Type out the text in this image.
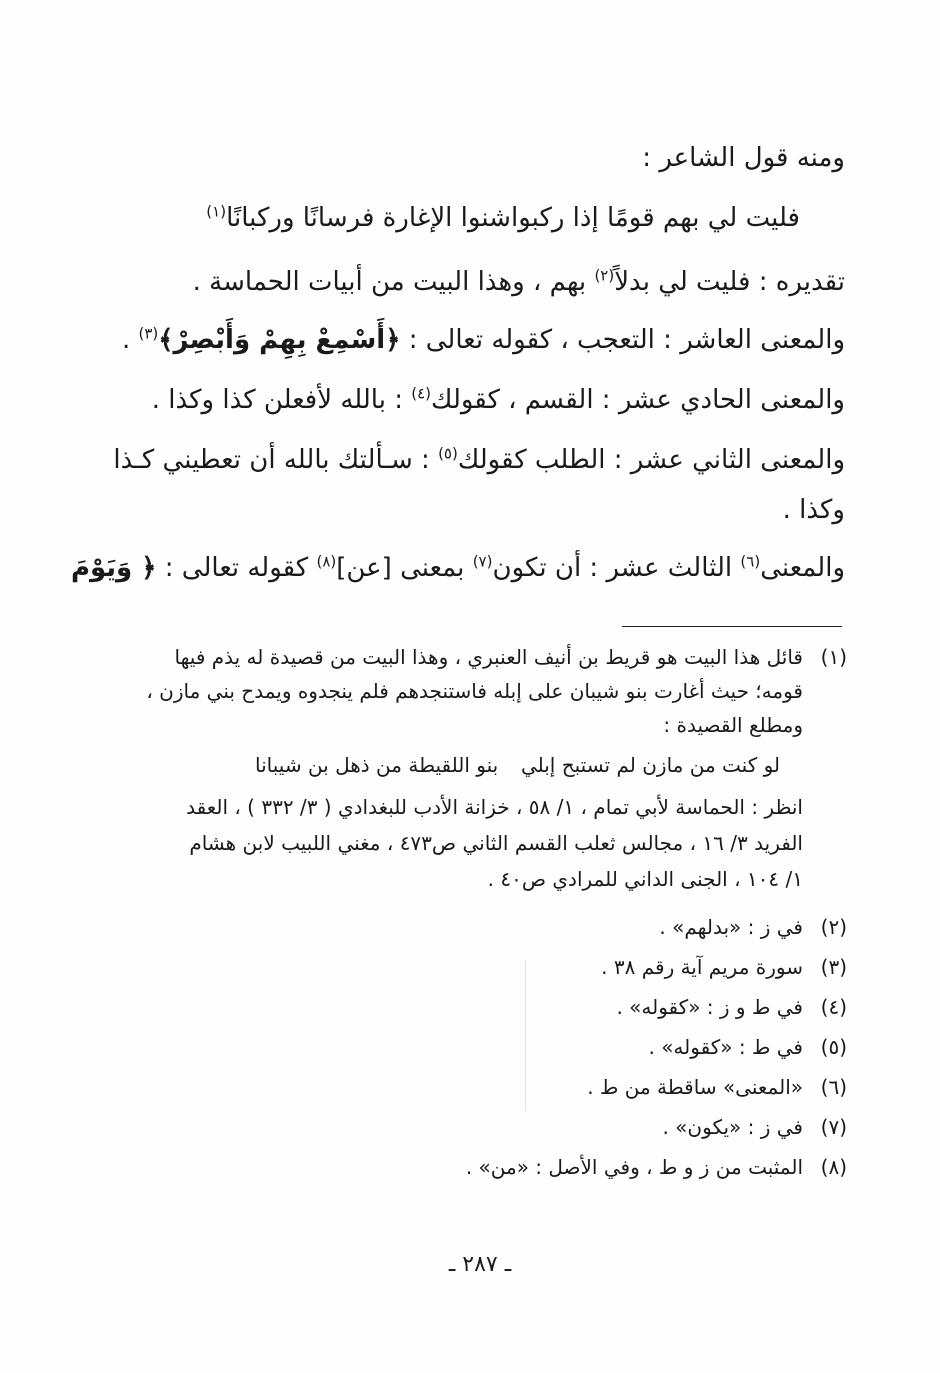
ومنه قول الشاعر :
فليت لي بهم قومًا إذا ركبوا
شنوا الإغارة فرسانًا وركبانًا$^{(١)}$
تقديره : فليت لي بدلاً$^{(٢)}$ بهم ، وهذا البيت من أبيات الحماسة .
والمعنى العاشر : التعجب ، كقوله تعالى : ﴿أَسْمِعْ بِهِمْ وَأَبْصِرْ﴾$^{(٣)}$ .
والمعنى الحادي عشر : القسم ، كقولك$^{(٤)}$ : بالله لأفعلن كذا وكذا .
والمعنى الثاني عشر : الطلب كقولك$^{(٥)}$ : سـألتك بالله أن تعطيني كـذا
وكذا .
والمعنى$^{(٦)}$ الثالث عشر : أن تكون$^{(٧)}$ بمعنى [عن]$^{(٨)}$ كقوله تعالى : ﴿ وَيَوْمَ
(١)قائل هذا البيت هو قريط بن أنيف العنبري ، وهذا البيت من قصيدة له يذم فيها
قومه؛ حيث أغارت بنو شيبان على إبله فاستنجدهم فلم ينجدوه ويمدح بني مازن ،
ومطلع القصيدة :
لو كنت من مازن لم تستبح إبلي
بنو اللقيطة من ذهل بن شيبانا
انظر : الحماسة لأبي تمام ، ١/ ٥٨ ، خزانة الأدب للبغدادي ( ٣/ ٣٣٢ ) ، العقد
الفريد ٣/ ١٦ ، مجالس ثعلب القسم الثاني ص٤٧٣ ، مغني اللبيب لابن هشام
١/ ١٠٤ ، الجنى الداني للمرادي ص٤٠ .
(٢)في ز : «بدلهم» .
(٣)سورة مريم آية رقم ٣٨ .
(٤)في ط و ز : «كقوله» .
(٥)في ط : «كقوله» .
(٦)«المعنى» ساقطة من ط .
(٧)في ز : «يكون» .
(٨)المثبت من ز و ط ، وفي الأصل : «من» .
ـ ٢٨٧ ـ
